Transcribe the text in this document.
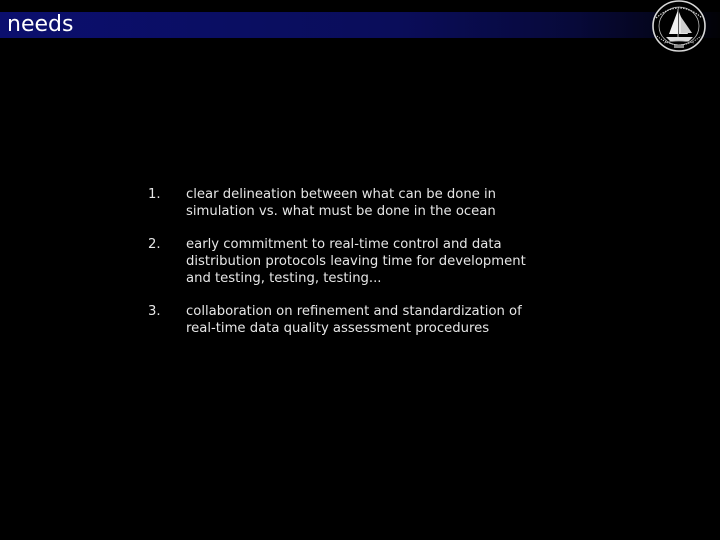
needs
1.	clear delineation between what can be done in
simulation vs. what must be done in the ocean
2.	early commitment to real-time control and data
distribution protocols leaving time for development
and testing, testing, testing...
3.	collaboration on refinement and standardization of
real-time data quality assessment procedures
